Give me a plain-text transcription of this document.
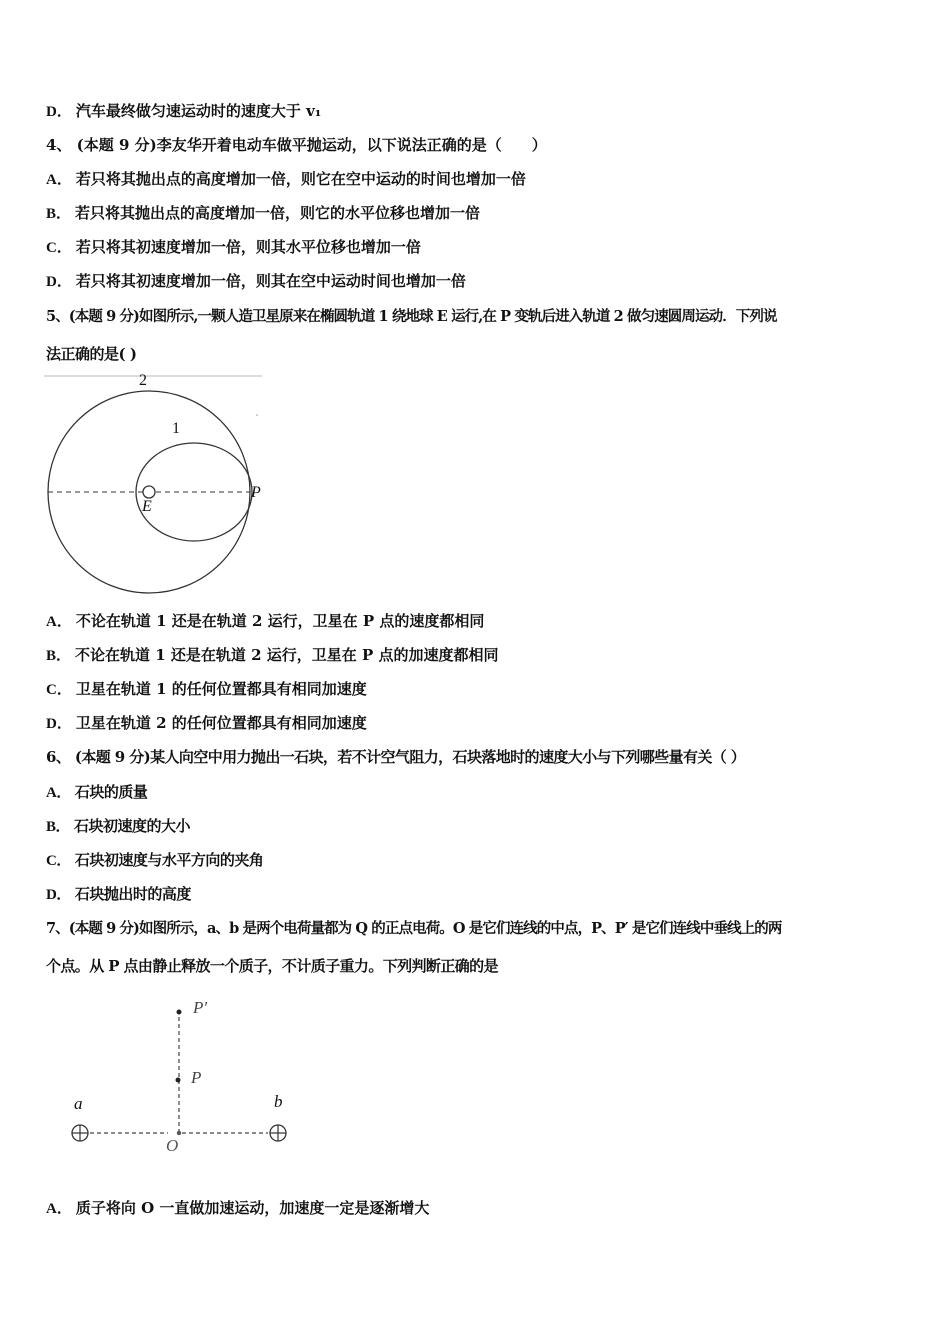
D． 汽车最终做匀速运动时的速度大于 v₁
4、 (本题 9 分)李友华开着电动车做平抛运动，以下说法正确的是（　　）
A． 若只将其抛出点的高度增加一倍，则它在空中运动的时间也增加一倍
B． 若只将其抛出点的高度增加一倍，则它的水平位移也增加一倍
C． 若只将其初速度增加一倍，则其水平位移也增加一倍
D． 若只将其初速度增加一倍，则其在空中运动时间也增加一倍
5、(本题 9 分)如图所示,一颗人造卫星原来在椭圆轨道 1 绕地球 E 运行,在 P 变轨后进入轨道 2 做匀速圆周运动．下列说
法正确的是( )
2
1
E
P
A． 不论在轨道 1 还是在轨道 2 运行，卫星在 P 点的速度都相同
B． 不论在轨道 1 还是在轨道 2 运行，卫星在 P 点的加速度都相同
C． 卫星在轨道 1 的任何位置都具有相同加速度
D． 卫星在轨道 2 的任何位置都具有相同加速度
6、 (本题 9 分)某人向空中用力抛出一石块，若不计空气阻力，石块落地时的速度大小与下列哪些量有关（ ）
A． 石块的质量
B． 石块初速度的大小
C． 石块初速度与水平方向的夹角
D． 石块抛出时的高度
7、(本题 9 分)如图所示，a、b 是两个电荷量都为 Q 的正点电荷。O 是它们连线的中点，P、P′ 是它们连线中垂线上的两
个点。从 P 点由静止释放一个质子，不计质子重力。下列判断正确的是
a	b
O
P
P′
A． 质子将向 O 一直做加速运动，加速度一定是逐渐增大
